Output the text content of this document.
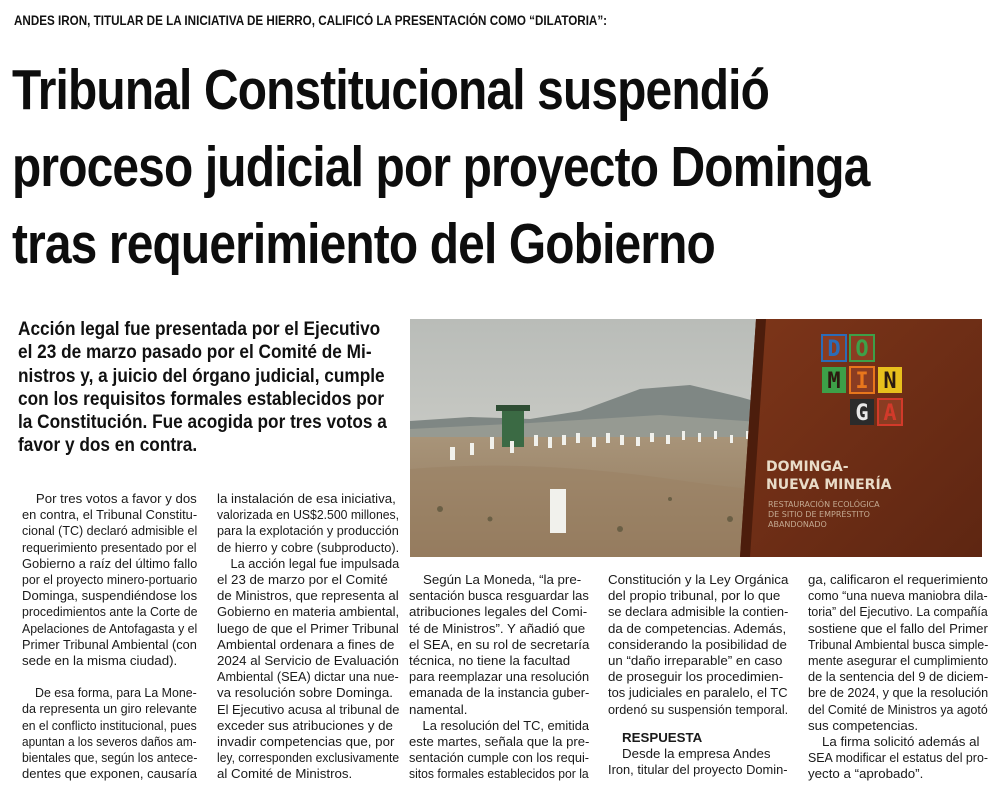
ANDES IRON, TITULAR DE LA INICIATIVA DE HIERRO, CALIFICÓ LA PRESENTACIÓN COMO “DILATORIA”:
Tribunal Constitucional suspendió
proceso judicial por proyecto Dominga
tras requerimiento del Gobierno
Acción legal fue presentada por el Ejecutivo
el 23 de marzo pasado por el Comité de Mi-
nistros y, a juicio del órgano judicial, cumple
con los requisitos formales establecidos por
la Constitución. Fue acogida por tres votos a
favor y dos en contra.
D O
M I N
G A
DOMINGA-
NUEVA MINERÍA
RESTAURACIÓN ECOLÓGICA
DE SITIO DE EMPRÉSTITO
ABANDONADO
Por tres votos a favor y dos
en contra, el Tribunal Constitu-
cional (TC) declaró admisible el
requerimiento presentado por el
Gobierno a raíz del último fallo
por el proyecto minero-portuario
Dominga, suspendiéndose los
procedimientos ante la Corte de
Apelaciones de Antofagasta y el
Primer Tribunal Ambiental (con
sede en la misma ciudad).
De esa forma, para La Mone-
da representa un giro relevante
en el conflicto institucional, pues
apuntan a los severos daños am-
bientales que, según los antece-
dentes que exponen, causaría
la instalación de esa iniciativa,
valorizada en US$2.500 millones,
para la explotación y producción
de hierro y cobre (subproducto).
La acción legal fue impulsada
el 23 de marzo por el Comité
de Ministros, que representa al
Gobierno en materia ambiental,
luego de que el Primer Tribunal
Ambiental ordenara a fines de
2024 al Servicio de Evaluación
Ambiental (SEA) dictar una nue-
va resolución sobre Dominga.
El Ejecutivo acusa al tribunal de
exceder sus atribuciones y de
invadir competencias que, por
ley, corresponden exclusivamente
al Comité de Ministros.
Según La Moneda, “la pre-
sentación busca resguardar las
atribuciones legales del Comi-
té de Ministros”. Y añadió que
el SEA, en su rol de secretaría
técnica, no tiene la facultad
para reemplazar una resolución
emanada de la instancia guber-
namental.
La resolución del TC, emitida
este martes, señala que la pre-
sentación cumple con los requi-
sitos formales establecidos por la
Constitución y la Ley Orgánica
del propio tribunal, por lo que
se declara admisible la contien-
da de competencias. Además,
considerando la posibilidad de
un “daño irreparable” en caso
de proseguir los procedimien-
tos judiciales en paralelo, el TC
ordenó su suspensión temporal.
RESPUESTA
Desde la empresa Andes
Iron, titular del proyecto Domin-
ga, calificaron el requerimiento
como “una nueva maniobra dila-
toria” del Ejecutivo. La compañía
sostiene que el fallo del Primer
Tribunal Ambiental busca simple-
mente asegurar el cumplimiento
de la sentencia del 9 de diciem-
bre de 2024, y que la resolución
del Comité de Ministros ya agotó
sus competencias.
La firma solicitó además al
SEA modificar el estatus del pro-
yecto a “aprobado”.
